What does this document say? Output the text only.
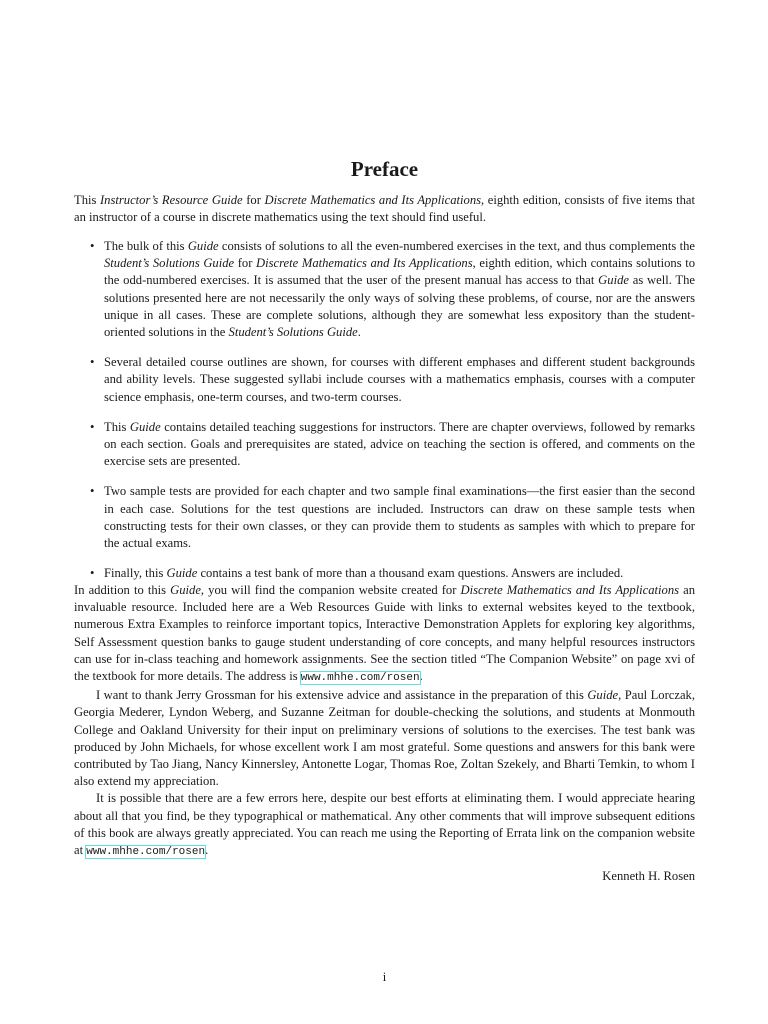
Preface

This Instructor’s Resource Guide for Discrete Mathematics and Its Applications, eighth edition, consists of five items that an instructor of a course in discrete mathematics using the text should find useful.

• The bulk of this Guide consists of solutions to all the even-numbered exercises in the text, and thus complements the Student’s Solutions Guide for Discrete Mathematics and Its Applications, eighth edition, which contains solutions to the odd-numbered exercises. It is assumed that the user of the present manual has access to that Guide as well. The solutions presented here are not necessarily the only ways of solving these problems, of course, nor are the answers unique in all cases. These are complete solutions, although they are somewhat less expository than the student-oriented solutions in the Student’s Solutions Guide.
• Several detailed course outlines are shown, for courses with different emphases and different student backgrounds and ability levels. These suggested syllabi include courses with a mathematics emphasis, courses with a computer science emphasis, one-term courses, and two-term courses.
• This Guide contains detailed teaching suggestions for instructors. There are chapter overviews, followed by remarks on each section. Goals and prerequisites are stated, advice on teaching the section is offered, and comments on the exercise sets are presented.
• Two sample tests are provided for each chapter and two sample final examinations—the first easier than the second in each case. Solutions for the test questions are included. Instructors can draw on these sample tests when constructing tests for their own classes, or they can provide them to students as samples with which to prepare for the actual exams.
• Finally, this Guide contains a test bank of more than a thousand exam questions. Answers are included.

In addition to this Guide, you will find the companion website created for Discrete Mathematics and Its Applications an invaluable resource. Included here are a Web Resources Guide with links to external websites keyed to the textbook, numerous Extra Examples to reinforce important topics, Interactive Demonstration Applets for exploring key algorithms, Self Assessment question banks to gauge student understanding of core concepts, and many helpful resources instructors can use for in-class teaching and homework assignments. See the section titled “The Companion Website” on page xvi of the textbook for more details. The address is www.mhhe.com/rosen.

I want to thank Jerry Grossman for his extensive advice and assistance in the preparation of this Guide, Paul Lorczak, Georgia Mederer, Lyndon Weberg, and Suzanne Zeitman for double-checking the solutions, and students at Monmouth College and Oakland University for their input on preliminary versions of solutions to the exercises. The test bank was produced by John Michaels, for whose excellent work I am most grateful. Some questions and answers for this bank were contributed by Tao Jiang, Nancy Kinnersley, Antonette Logar, Thomas Roe, Zoltan Szekely, and Bharti Temkin, to whom I also extend my appreciation.

It is possible that there are a few errors here, despite our best efforts at eliminating them. I would appreciate hearing about all that you find, be they typographical or mathematical. Any other comments that will improve subsequent editions of this book are always greatly appreciated. You can reach me using the Reporting of Errata link on the companion website at www.mhhe.com/rosen.

Kenneth H. Rosen
i
